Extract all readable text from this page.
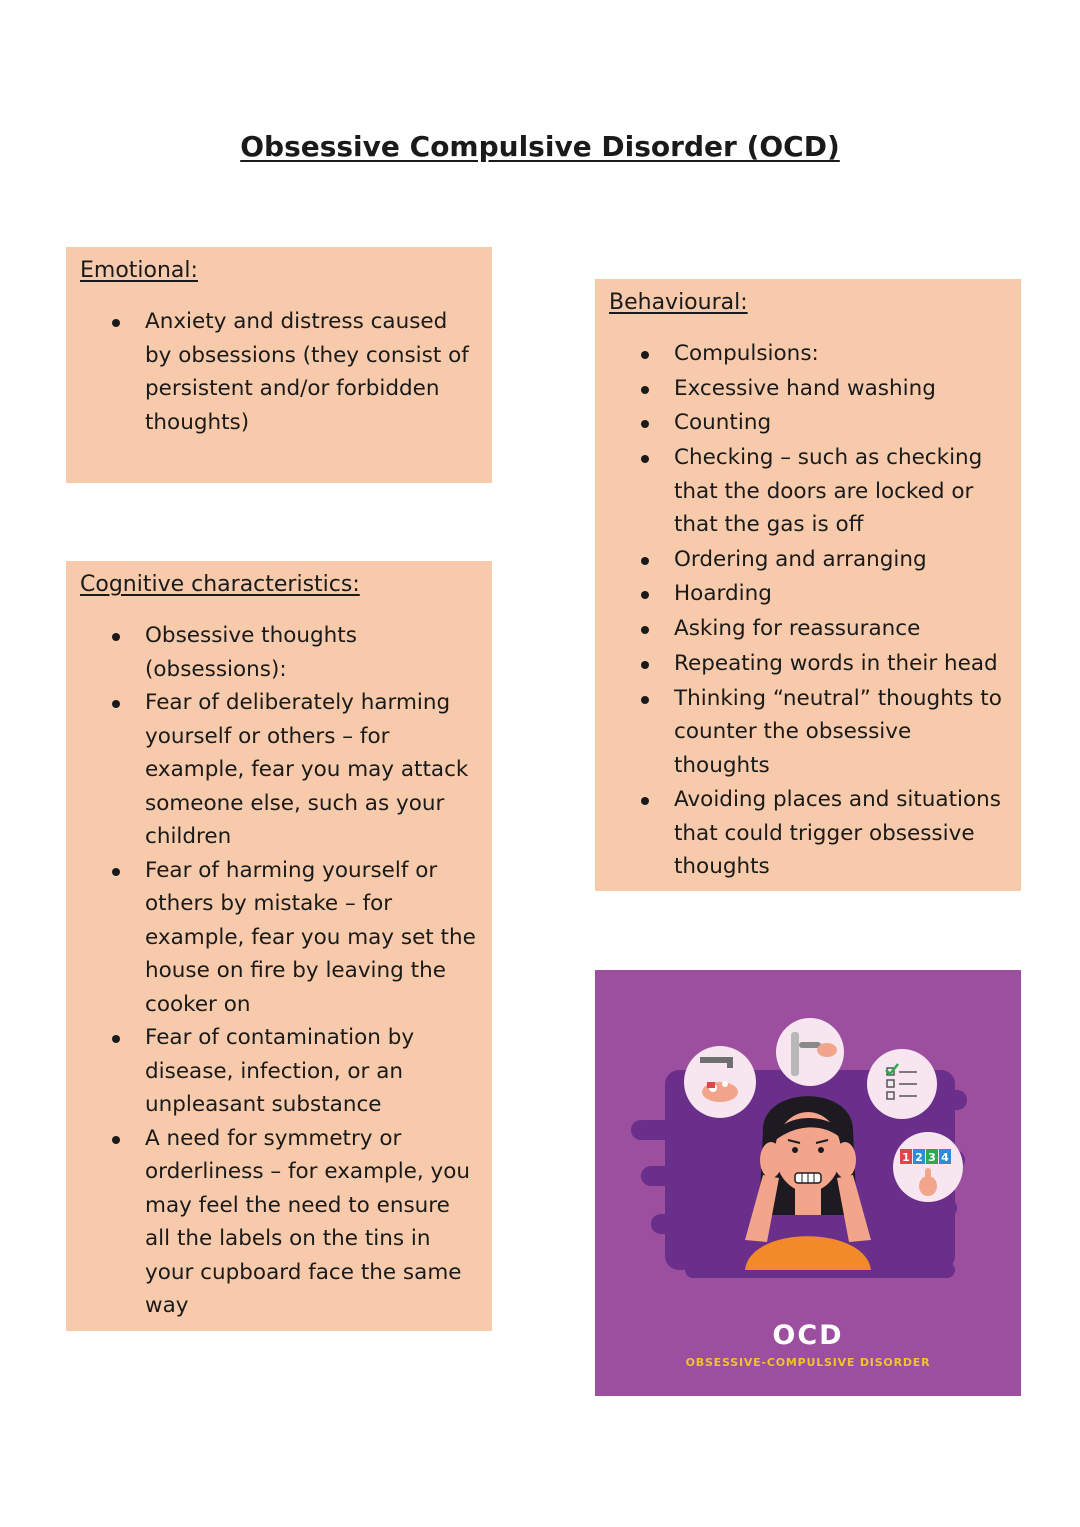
Obsessive Compulsive Disorder (OCD)
Emotional:
Anxiety and distress caused by obsessions (they consist of persistent and/or forbidden thoughts)
Cognitive characteristics:
Obsessive thoughts (obsessions):
Fear of deliberately harming yourself or others – for example, fear you may attack someone else, such as your children
Fear of harming yourself or others by mistake – for example, fear you may set the house on fire by leaving the cooker on
Fear of contamination by disease, infection, or an unpleasant substance
A need for symmetry or orderliness – for example, you may feel the need to ensure all the labels on the tins in your cupboard face the same way
Behavioural:
Compulsions:
Excessive hand washing
Counting
Checking – such as checking that the doors are locked or that the gas is off
Ordering and arranging
Hoarding
Asking for reassurance
Repeating words in their head
Thinking “neutral” thoughts to counter the obsessive thoughts
Avoiding places and situations that could trigger obsessive thoughts
1 2 3 4
OCD
OBSESSIVE-COMPULSIVE DISORDER
